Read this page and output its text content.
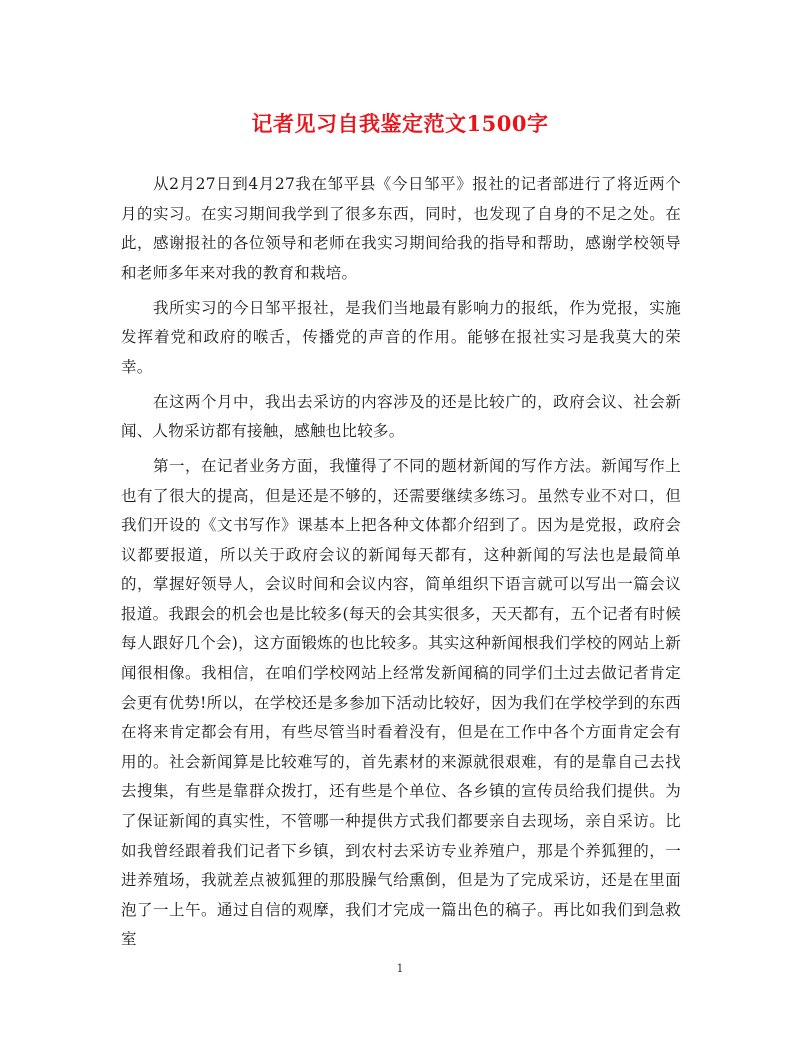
记者见习自我鉴定范文1500字

从2月27日到4月27我在邹平县《今日邹平》报社的记者部进行了将近两个月的实习。在实习期间我学到了很多东西，同时，也发现了自身的不足之处。在此，感谢报社的各位领导和老师在我实习期间给我的指导和帮助，感谢学校领导和老师多年来对我的教育和栽培。

我所实习的今日邹平报社，是我们当地最有影响力的报纸，作为党报，实施发挥着党和政府的喉舌，传播党的声音的作用。能够在报社实习是我莫大的荣幸。

在这两个月中，我出去采访的内容涉及的还是比较广的，政府会议、社会新闻、人物采访都有接触，感触也比较多。

第一，在记者业务方面，我懂得了不同的题材新闻的写作方法。新闻写作上也有了很大的提高，但是还是不够的，还需要继续多练习。虽然专业不对口，但我们开设的《文书写作》课基本上把各种文体都介绍到了。因为是党报，政府会议都要报道，所以关于政府会议的新闻每天都有，这种新闻的写法也是最简单的，掌握好领导人，会议时间和会议内容，简单组织下语言就可以写出一篇会议报道。我跟会的机会也是比较多(每天的会其实很多，天天都有，五个记者有时候每人跟好几个会)，这方面锻炼的也比较多。其实这种新闻根我们学校的网站上新闻很相像。我相信，在咱们学校网站上经常发新闻稿的同学们土过去做记者肯定会更有优势!所以，在学校还是多参加下活动比较好，因为我们在学校学到的东西在将来肯定都会有用，有些尽管当时看着没有，但是在工作中各个方面肯定会有用的。社会新闻算是比较难写的，首先素材的来源就很艰难，有的是靠自己去找去搜集，有些是靠群众拨打，还有些是个单位、各乡镇的宣传员给我们提供。为了保证新闻的真实性，不管哪一种提供方式我们都要亲自去现场，亲自采访。比如我曾经跟着我们记者下乡镇，到农村去采访专业养殖户，那是个养狐狸的，一进养殖场，我就差点被狐狸的那股臊气给熏倒，但是为了完成采访，还是在里面泡了一上午。通过自信的观摩，我们才完成一篇出色的稿子。再比如我们到急救室

1
